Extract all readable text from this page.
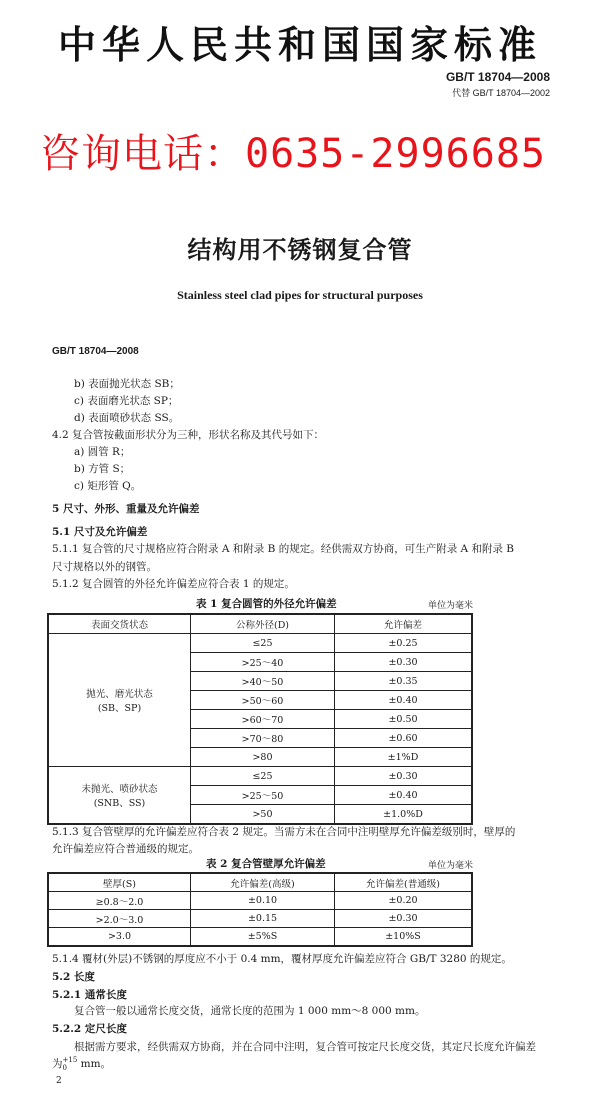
中华人民共和国国家标准
GB/T 18704—2008
代替 GB/T 18704—2002
咨询电话：0635-2996685
结构用不锈钢复合管
Stainless steel clad pipes for structural purposes
GB/T 18704—2008
b) 表面抛光状态 SB；
c) 表面磨光状态 SP；
d) 表面喷砂状态 SS。
4.2 复合管按截面形状分为三种，形状名称及其代号如下：
a) 圆管 R；
b) 方管 S；
c) 矩形管 Q。
5 尺寸、外形、重量及允许偏差
5.1 尺寸及允许偏差
5.1.1 复合管的尺寸规格应符合附录 A 和附录 B 的规定。经供需双方协商，可生产附录 A 和附录 B
尺寸规格以外的钢管。
5.1.2 复合圆管的外径允许偏差应符合表 1 的规定。
表 1 复合圆管的外径允许偏差	单位为毫米
表面交货状态	公称外径(D)	允许偏差

抛光、磨光状态
(SB、SP)	≤25	±0.25
	>25～40	±0.30
	>40～50	±0.35
	>50～60	±0.40
	>60～70	±0.50
	>70～80	±0.60
	>80	±1%D

未抛光、喷砂状态
(SNB、SS)	≤25	±0.30
	>25～50	±0.40
	>50	±1.0%D
5.1.3 复合管壁厚的允许偏差应符合表 2 规定。当需方未在合同中注明壁厚允许偏差级别时，壁厚的
允许偏差应符合普通级的规定。
表 2 复合管壁厚允许偏差	单位为毫米
壁厚(S)	允许偏差(高级)	允许偏差(普通级)
≥0.8～2.0	±0.10	±0.20
>2.0～3.0	±0.15	±0.30
>3.0	±5%S	±10%S
5.1.4 覆材(外层)不锈钢的厚度应不小于 0.4 mm，覆材厚度允许偏差应符合 GB/T 3280 的规定。
5.2 长度
5.2.1 通常长度
复合管一般以通常长度交货，通常长度的范围为 1 000 mm～8 000 mm。
5.2.2 定尺长度
根据需方要求，经供需双方协商，并在合同中注明，复合管可按定尺长度交货，其定尺长度允许偏差
为+15
0 mm。
2
